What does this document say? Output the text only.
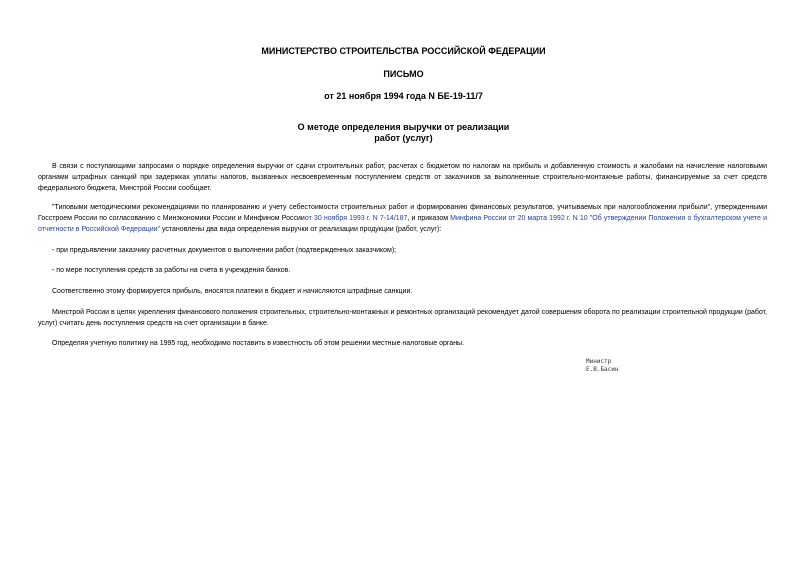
МИНИСТЕРСТВО СТРОИТЕЛЬСТВА РОССИЙСКОЙ ФЕДЕРАЦИИ
ПИСЬМО
от 21 ноября 1994 года N БЕ-19-11/7
О методе определения выручки от реализации
работ (услуг)
В связи с поступающими запросами о порядке определения выручки от сдачи строительных работ, расчетах с бюджетом по налогам на прибыль и добавленную стоимость и жалобами на начисление налоговыми органами штрафных санкций при задержках уплаты налогов, вызванных несвоевременным поступлением средств от заказчиков за выполненные строительно-монтажные работы, финансируемые за счет средств федерального бюджета, Минстрой России сообщает.
"Типовыми методическими рекомендациями по планированию и учету себестоимости строительных работ и формированию финансовых результатов, учитываемых при налогообложении прибыли", утвержденными Госстроем России по согласованию с Минэкономики России и Минфином Россииот 30 ноября 1993 г. N 7-14/187, и приказом Минфина России от 20 марта 1992 г. N 10 "Об утверждении Положения о бухгалтерском учете и отчетности в Российской Федерации" установлены два вида определения выручки от реализации продукции (работ, услуг):
- при предъявлении заказчику расчетных документов о выполнении работ (подтвержденных заказчиком);
- по мере поступления средств за работы на счета в учреждения банков.
Соответственно этому формируется прибыль, вносятся платежи в бюджет и начисляются штрафные санкции.
Минстрой России в целях укрепления финансового положения строительных, строительно-монтажных и ремонтных организаций рекомендует датой совершения оборота по реализации строительной продукции (работ, услуг) считать день поступления средств на счет организации в банке.
Определяя учетную политику на 1995 год, необходимо поставить в известность об этом решении местные налоговые органы.
Министр
Е.В.Басин
